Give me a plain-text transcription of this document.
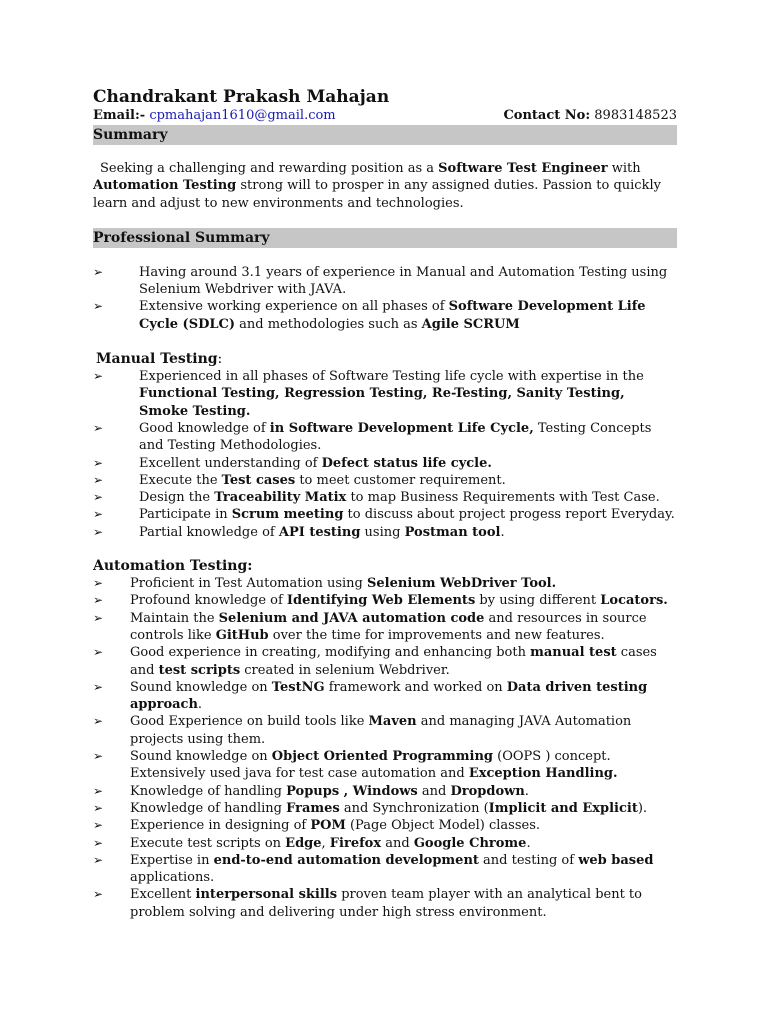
Chandrakant Prakash Mahajan
Email:- cpmahajan1610@gmail.com	Contact No: 8983148523
Summary

Seeking a challenging and rewarding position as a Software Test Engineer with Automation Testing strong will to prosper in any assigned duties. Passion to quickly learn and adjust to new environments and technologies.

Professional Summary
➢	Having around 3.1 years of experience in Manual and Automation Testing using Selenium Webdriver with JAVA.
➢	Extensive working experience on all phases of Software Development Life Cycle (SDLC) and methodologies such as Agile SCRUM
Manual Testing:
➢	Experienced in all phases of Software Testing life cycle with expertise in the Functional Testing, Regression Testing, Re-Testing, Sanity Testing, Smoke Testing.
➢	Good knowledge of in Software Development Life Cycle, Testing Concepts and Testing Methodologies.
➢	Excellent understanding of Defect status life cycle.
➢	Execute the Test cases to meet customer requirement.
➢	Design the Traceability Matix to map Business Requirements with Test Case.
➢	Participate in Scrum meeting to discuss about project progess report Everyday.
➢	Partial knowledge of API testing using Postman tool.
Automation Testing:
➢ Proficient in Test Automation using Selenium WebDriver Tool.
➢ Profound knowledge of Identifying Web Elements by using different Locators.
➢ Maintain the Selenium and JAVA automation code and resources in source controls like GitHub over the time for improvements and new features.
➢ Good experience in creating, modifying and enhancing both manual test cases and test scripts created in selenium Webdriver.
➢ Sound knowledge on TestNG framework and worked on Data driven testing approach.
➢ Good Experience on build tools like Maven and managing JAVA Automation projects using them.
➢ Sound knowledge on Object Oriented Programming (OOPS ) concept. Extensively used java for test case automation and Exception Handling.
➢ Knowledge of handling Popups , Windows and Dropdown.
➢ Knowledge of handling Frames and Synchronization (Implicit and Explicit).
➢ Experience in designing of POM (Page Object Model) classes.
➢ Execute test scripts on Edge, Firefox and Google Chrome.
➢ Expertise in end-to-end automation development and testing of web based applications.
➢ Excellent interpersonal skills proven team player with an analytical bent to problem solving and delivering under high stress environment.
